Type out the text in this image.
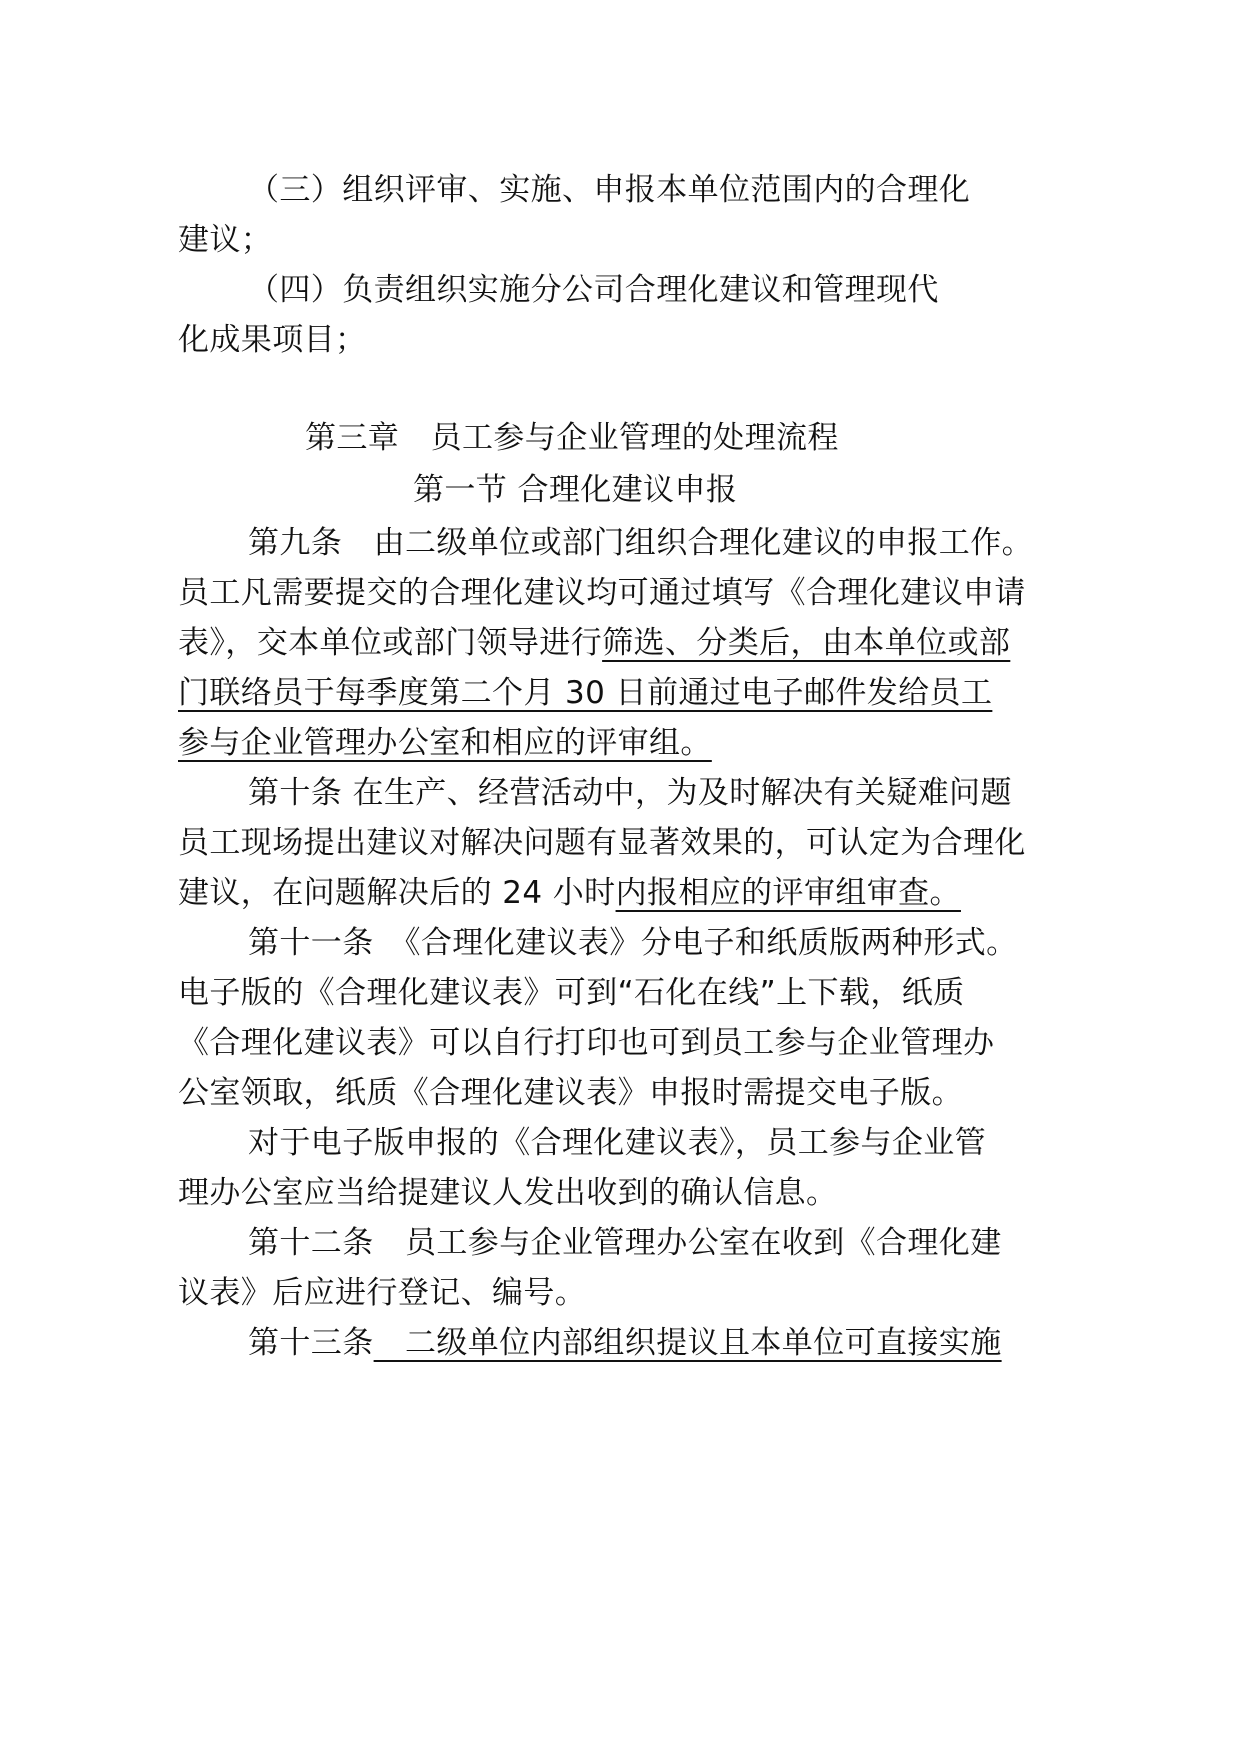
（三）组织评审、实施、申报本单位范围内的合理化
建议；
（四）负责组织实施分公司合理化建议和管理现代
化成果项目；
第三章　员工参与企业管理的处理流程
第一节 合理化建议申报
第九条　由二级单位或部门组织合理化建议的申报工作。
员工凡需要提交的合理化建议均可通过填写《合理化建议申请
表》，交本单位或部门领导进行筛选、分类后，由本单位或部
门联络员于每季度第二个月 30 日前通过电子邮件发给员工
参与企业管理办公室和相应的评审组。
第十条 在生产、经营活动中，为及时解决有关疑难问题
员工现场提出建议对解决问题有显著效果的，可认定为合理化
建议，在问题解决后的 24 小时内报相应的评审组审查。
第十一条　《合理化建议表》分电子和纸质版两种形式。
电子版的《合理化建议表》可到“石化在线”上下载，纸质
《合理化建议表》可以自行打印也可到员工参与企业管理办
公室领取，纸质《合理化建议表》申报时需提交电子版。
对于电子版申报的《合理化建议表》，员工参与企业管
理办公室应当给提建议人发出收到的确认信息。
第十二条　员工参与企业管理办公室在收到《合理化建
议表》后应进行登记、编号。
第十三条　二级单位内部组织提议且本单位可直接实施
